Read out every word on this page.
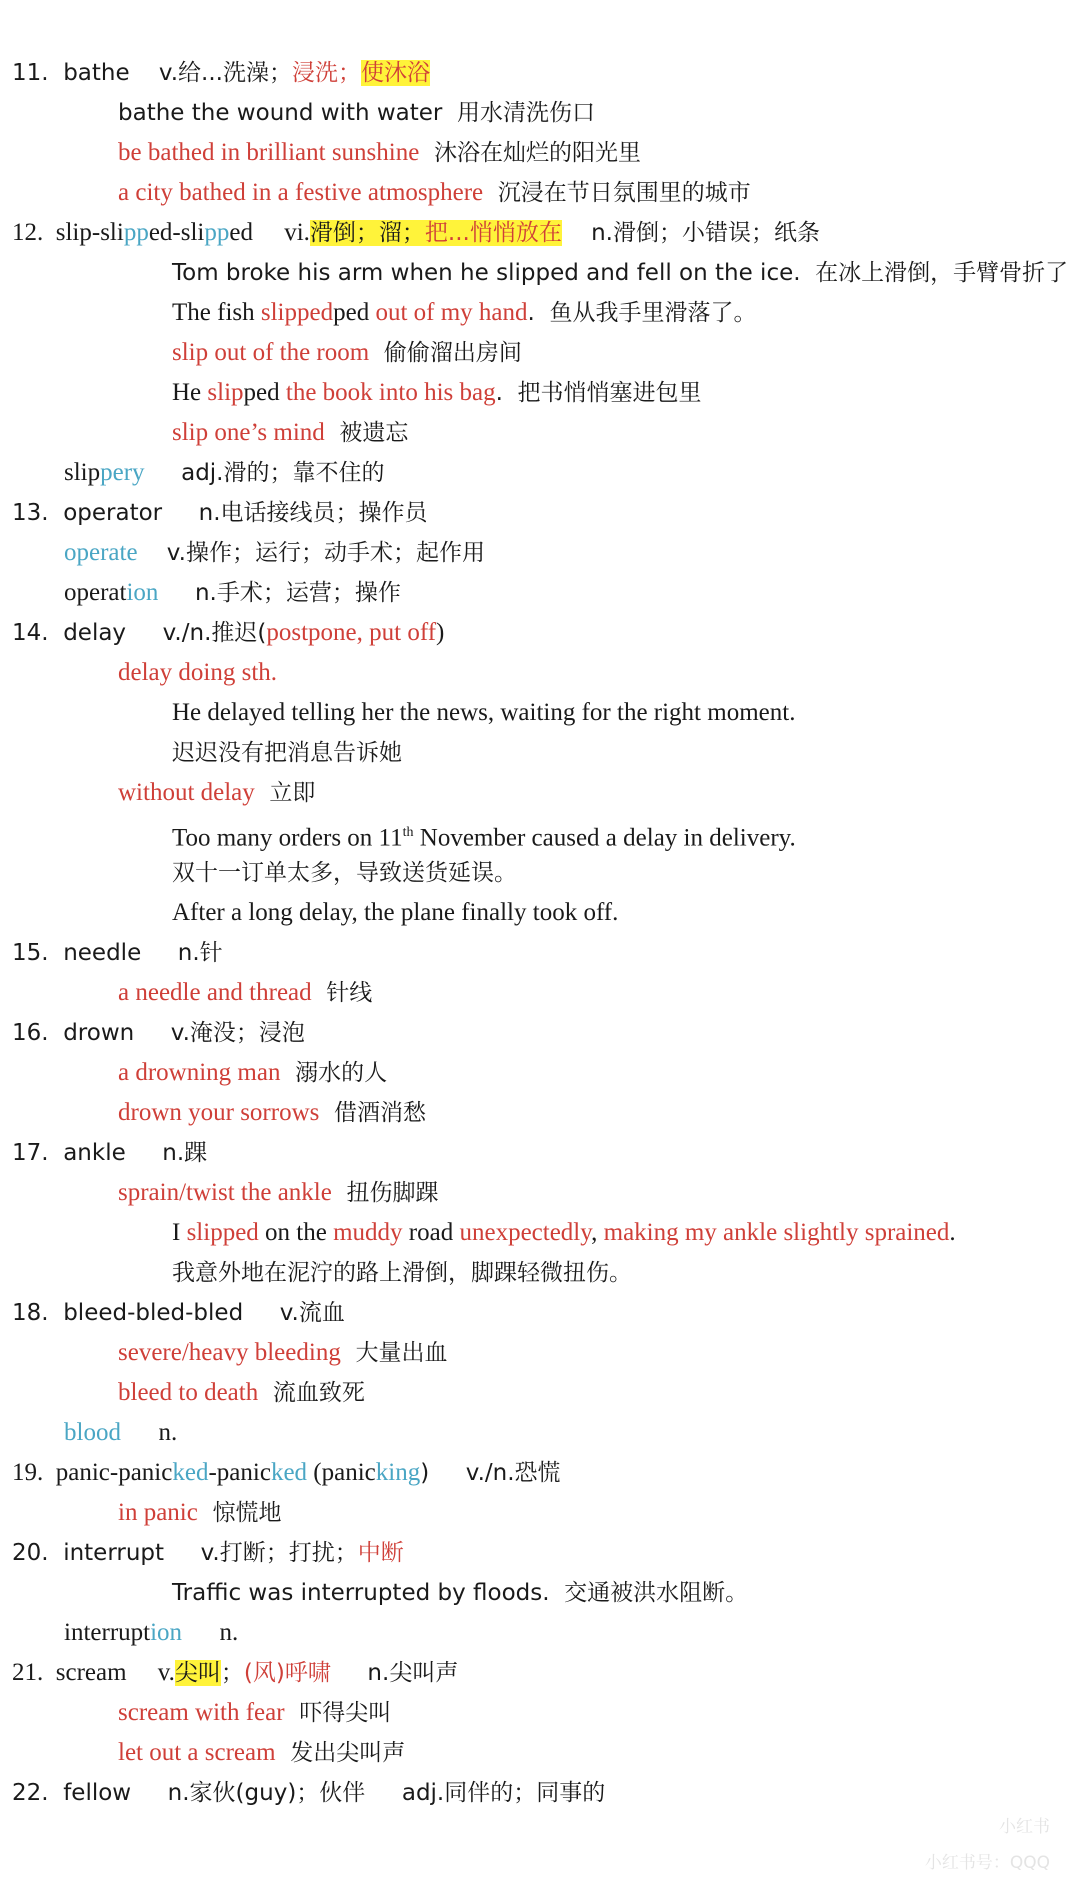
11.  bathe    v.给...洗澡；浸洗；使沐浴
bathe the wound with water  用水清洗伤口
be bathed in brilliant sunshine  沐浴在灿烂的阳光里
a city bathed in a festive atmosphere  沉浸在节日氛围里的城市
12.  slip-slipped-slipped     vi.滑倒；溜；把...悄悄放在    n.滑倒；小错误；纸条
Tom broke his arm when he slipped and fell on the ice.  在冰上滑倒，手臂骨折了
The fish slippedped out of my hand.  鱼从我手里滑落了。
slip out of the room  偷偷溜出房间
He slipped the book into his bag.  把书悄悄塞进包里
slip one’s mind  被遗忘
slippery     adj.滑的；靠不住的
13.  operator     n.电话接线员；操作员
operate    v.操作；运行；动手术；起作用
operation     n.手术；运营；操作
14.  delay     v./n.推迟(postpone, put off)
delay doing sth.
He delayed telling her the news, waiting for the right moment.
迟迟没有把消息告诉她
without delay  立即
Too many orders on 11th November caused a delay in delivery.
双十一订单太多，导致送货延误。
After a long delay, the plane finally took off.
15.  needle     n.针
a needle and thread  针线
16.  drown     v.淹没；浸泡
a drowning man  溺水的人
drown your sorrows  借酒消愁
17.  ankle     n.踝
sprain/twist the ankle  扭伤脚踝
I slipped on the muddy road unexpectedly, making my ankle slightly sprained.
我意外地在泥泞的路上滑倒，脚踝轻微扭伤。
18.  bleed-bled-bled     v.流血
severe/heavy bleeding  大量出血
bleed to death  流血致死
blood      n.
19.  panic-panicked-panicked (panicking)     v./n.恐慌
in panic  惊慌地
20.  interrupt     v.打断；打扰；中断
Traffic was interrupted by floods.  交通被洪水阻断。
interruption      n.
21.  scream     v.尖叫；(风)呼啸     n.尖叫声
scream with fear  吓得尖叫
let out a scream  发出尖叫声
22.  fellow     n.家伙(guy)；伙伴     adj.同伴的；同事的
小红书
小红书号：QQQ
